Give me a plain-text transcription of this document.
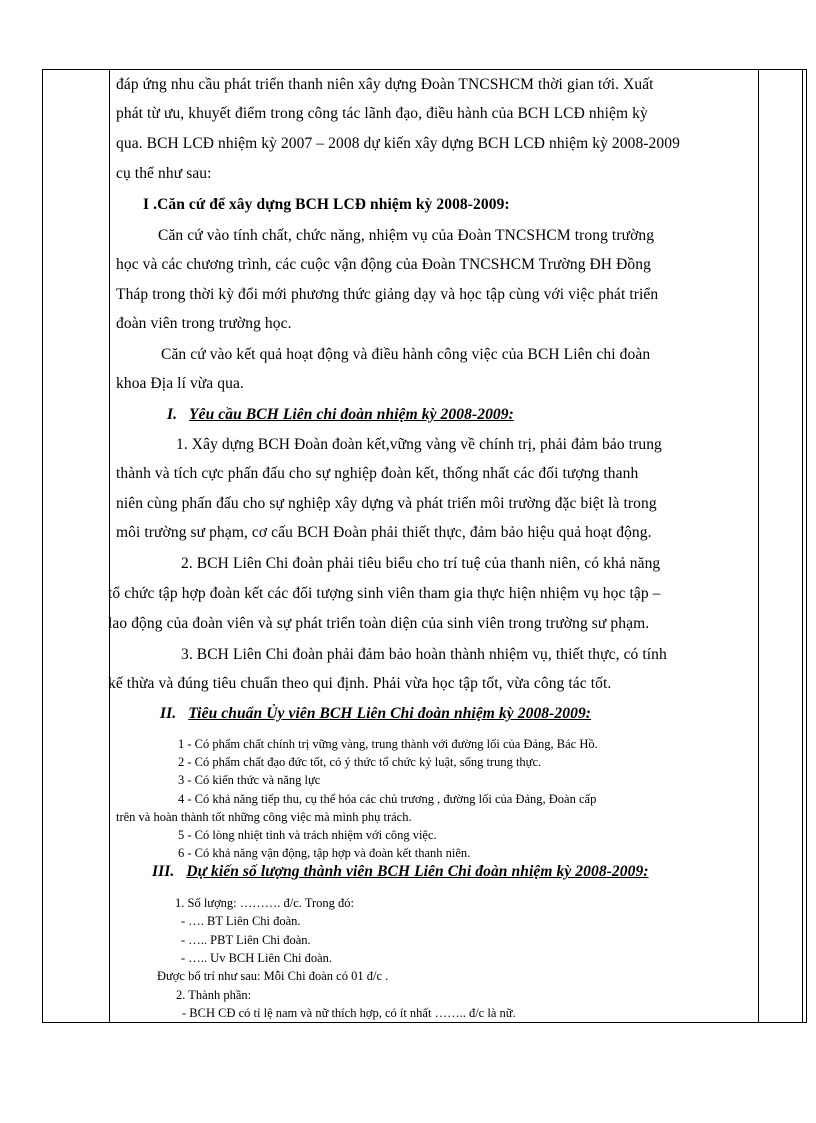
đáp ứng nhu cầu phát triển thanh niên xây dựng Đoàn TNCSHCM thời gian tới. Xuất
phát từ ưu, khuyết điểm trong công tác lãnh đạo, điều hành của BCH LCĐ nhiệm kỳ
qua. BCH LCĐ nhiệm kỳ 2007 – 2008 dự kiến xây dựng BCH LCĐ nhiệm kỳ 2008-2009
cụ thể như sau:
I .Căn cứ để xây dựng BCH LCĐ nhiệm kỳ 2008-2009:
Căn cứ vào tính chất, chức năng, nhiệm vụ của Đoàn TNCSHCM trong trường
học và các chương trình, các cuộc vận động của Đoàn TNCSHCM Trường ĐH Đồng
Tháp trong thời kỳ đổi mới phương thức giảng dạy và học tập cùng với việc phát triển
đoàn viên trong trường học.
Căn cứ vào kết quả hoạt động và điều hành công việc của BCH Liên chi đoàn
khoa Địa lí vừa qua.
I. Yêu cầu BCH Liên chi đoàn nhiệm kỳ 2008-2009:
1. Xây dựng BCH Đoàn đoàn kết,vững vàng về chính trị, phải đảm bảo trung
thành và tích cực phấn đấu cho sự nghiệp đoàn kết, thống nhất các đối tượng thanh
niên cùng phấn đấu cho sự nghiệp xây dựng và phát triển môi trường đặc biệt là trong
môi trường sư phạm, cơ cấu BCH Đoàn phải thiết thực, đảm bảo hiệu quả hoạt động.
2. BCH Liên Chi đoàn phải tiêu biểu cho trí tuệ của thanh niên, có khả năng
tổ chức tập hợp đoàn kết các đối tượng sinh viên tham gia thực hiện nhiệm vụ học tập –
lao động của đoàn viên và sự phát triển toàn diện của sinh viên trong trường sư phạm.
3. BCH Liên Chi đoàn phải đảm bảo hoàn thành nhiệm vụ, thiết thực, có tính
kế thừa và đúng tiêu chuẩn theo qui định. Phải vừa học tập tốt, vừa công tác tốt.
II. Tiêu chuẩn Ủy viên BCH Liên Chi đoàn nhiệm kỳ 2008-2009:
1 - Có phẩm chất chính trị vững vàng, trung thành với đường lối của Đảng, Bác Hồ.
2 - Có phẩm chất đạo đức tốt, có ý thức tổ chức kỷ luật, sống trung thực.
3 - Có kiến thức và năng lực
4 - Có khả năng tiếp thu, cụ thể hóa các chủ trương , đường lối của Đảng, Đoàn cấp
trên và hoàn thành tốt những công việc mà mình phụ trách.
5 - Có lòng nhiệt tình và trách nhiệm với công việc.
6 - Có khả năng vận động, tập hợp và đoàn kết thanh niên.
III. Dự kiến số lượng thành viên BCH Liên Chi đoàn nhiệm kỳ 2008-2009:
1. Số lượng: ………. đ/c. Trong đó:
- …. BT Liên Chi đoàn.
- ….. PBT Liên Chi đoàn.
- ….. Uv BCH Liên Chi đoàn.
Được bố trí như sau: Mỗi Chi đoàn có 01 đ/c .
2. Thành phần:
- BCH CĐ có tỉ lệ nam và nữ thích hợp, có ít nhất …….. đ/c là nữ.
